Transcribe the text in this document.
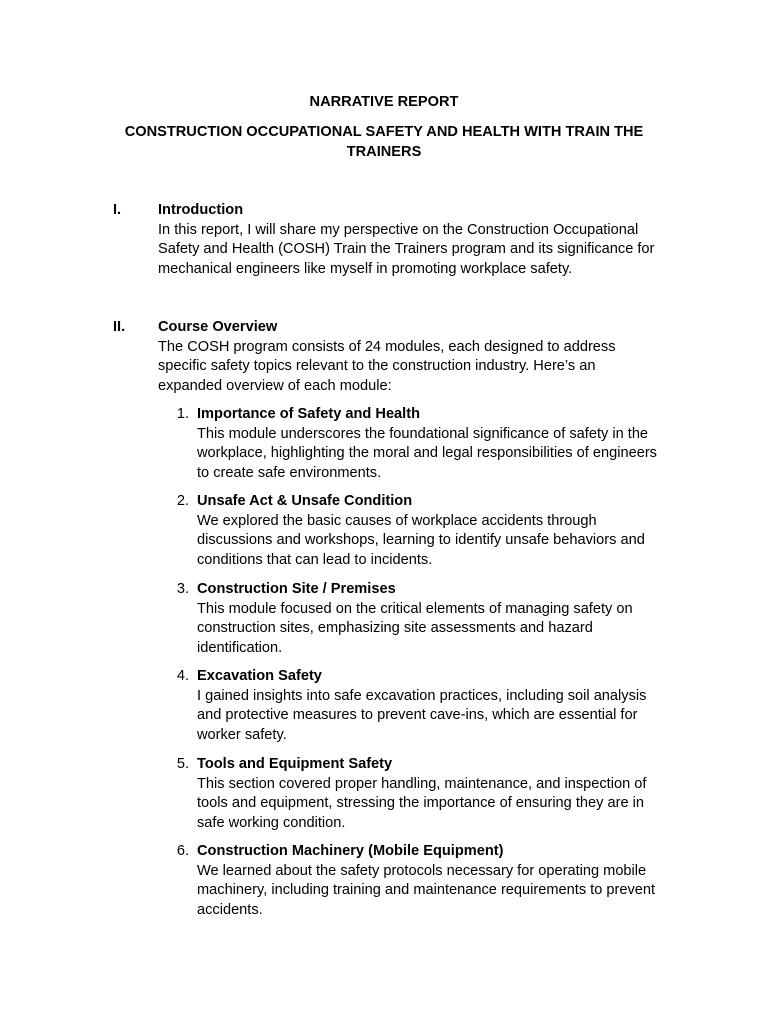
NARRATIVE REPORT
CONSTRUCTION OCCUPATIONAL SAFETY AND HEALTH WITH TRAIN THE TRAINERS
I.	Introduction
In this report, I will share my perspective on the Construction Occupational
Safety and Health (COSH) Train the Trainers program and its significance for
mechanical engineers like myself in promoting workplace safety.
II. Course Overview
The COSH program consists of 24 modules, each designed to address
specific safety topics relevant to the construction industry. Here’s an
expanded overview of each module:
1. Importance of Safety and Health
This module underscores the foundational significance of safety in the
workplace, highlighting the moral and legal responsibilities of engineers
to create safe environments.
2. Unsafe Act & Unsafe Condition
We explored the basic causes of workplace accidents through
discussions and workshops, learning to identify unsafe behaviors and
conditions that can lead to incidents.
3. Construction Site / Premises
This module focused on the critical elements of managing safety on
construction sites, emphasizing site assessments and hazard
identification.
4. Excavation Safety
I gained insights into safe excavation practices, including soil analysis
and protective measures to prevent cave-ins, which are essential for
worker safety.
5. Tools and Equipment Safety
This section covered proper handling, maintenance, and inspection of
tools and equipment, stressing the importance of ensuring they are in
safe working condition.
6. Construction Machinery (Mobile Equipment)
We learned about the safety protocols necessary for operating mobile
machinery, including training and maintenance requirements to prevent
accidents.
